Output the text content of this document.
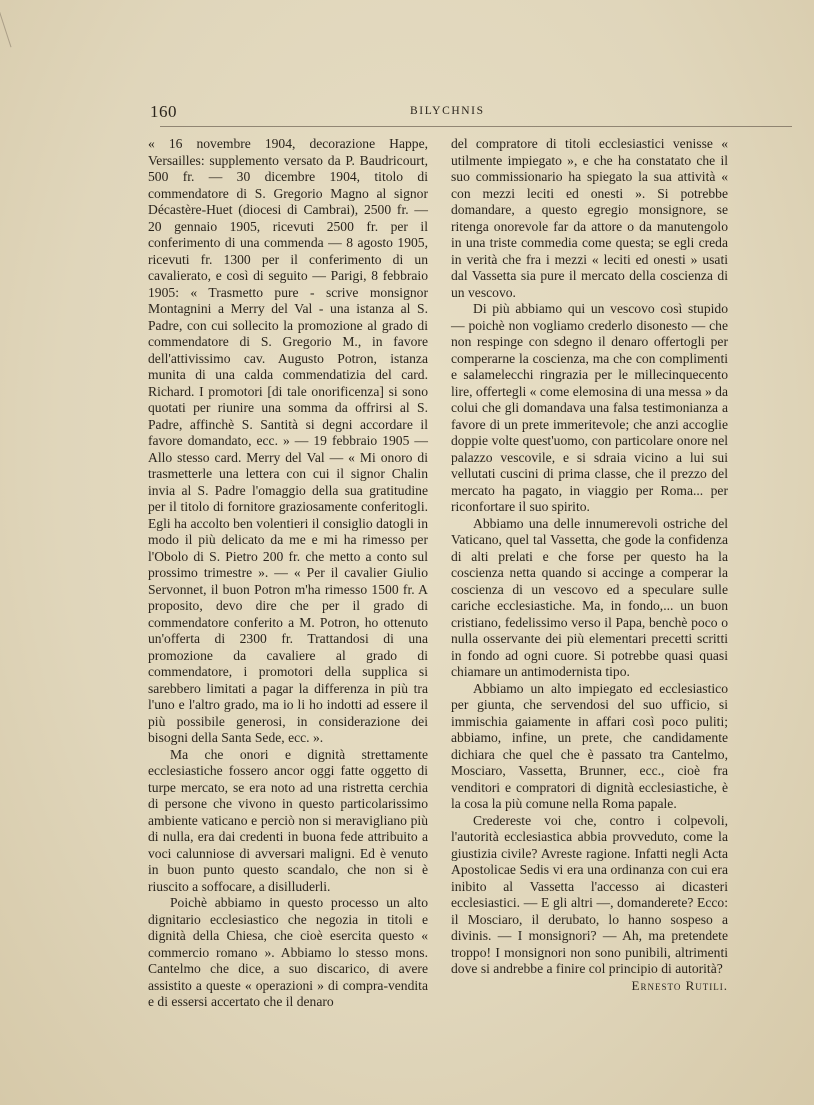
160	BILYCHNIS

« 16 novembre 1904, decorazione Happe, Versailles: supplemento versato da P. Baudricourt, 500 fr. — 30 dicembre 1904, titolo di commendatore di S. Gregorio Magno al signor Décastère-Huet (diocesi di Cambrai), 2500 fr. — 20 gennaio 1905, ricevuti 2500 fr. per il conferimento di una commenda — 8 agosto 1905, ricevuti fr. 1300 per il conferimento di un cavalierato, e così di seguito — Parigi, 8 febbraio 1905: « Trasmetto pure - scrive monsignor Montagnini a Merry del Val - una istanza al S. Padre, con cui sollecito la promozione al grado di commendatore di S. Gregorio M., in favore dell'attivissimo cav. Augusto Potron, istanza munita di una calda commendatizia del card. Richard. I promotori [di tale onorificenza] si sono quotati per riunire una somma da offrirsi al S. Padre, affinchè S. Santità si degni accordare il favore domandato, ecc. » — 19 febbraio 1905 — Allo stesso card. Merry del Val — « Mi onoro di trasmetterle una lettera con cui il signor Chalin invia al S. Padre l'omaggio della sua gratitudine per il titolo di fornitore graziosamente conferitogli. Egli ha accolto ben volentieri il consiglio datogli in modo il più delicato da me e mi ha rimesso per l'Obolo di S. Pietro 200 fr. che metto a conto sul prossimo trimestre ». — « Per il cavalier Giulio Servonnet, il buon Potron m'ha rimesso 1500 fr. A proposito, devo dire che per il grado di commendatore conferito a M. Potron, ho ottenuto un'offerta di 2300 fr. Trattandosi di una promozione da cavaliere al grado di commendatore, i promotori della supplica si sarebbero limitati a pagar la differenza in più tra l'uno e l'altro grado, ma io li ho indotti ad essere il più possibile generosi, in considerazione dei bisogni della Santa Sede, ecc. ».

Ma che onori e dignità strettamente ecclesiastiche fossero ancor oggi fatte oggetto di turpe mercato, se era noto ad una ristretta cerchia di persone che vivono in questo particolarissimo ambiente vaticano e perciò non si meravigliano più di nulla, era dai credenti in buona fede attribuito a voci calunniose di avversari maligni. Ed è venuto in buon punto questo scandalo, che non si è riuscito a soffocare, a disilluderli.

Poichè abbiamo in questo processo un alto dignitario ecclesiastico che negozia in titoli e dignità della Chiesa, che cioè esercita questo « commercio romano ». Abbiamo lo stesso mons. Cantelmo che dice, a suo discarico, di avere assistito a queste « operazioni » di compra-vendita e di essersi accertato che il denaro

del compratore di titoli ecclesiastici venisse « utilmente impiegato », e che ha constatato che il suo commissionario ha spiegato la sua attività « con mezzi leciti ed onesti ». Si potrebbe domandare, a questo egregio monsignore, se ritenga onorevole far da attore o da manutengolo in una triste commedia come questa; se egli creda in verità che fra i mezzi « leciti ed onesti » usati dal Vassetta sia pure il mercato della coscienza di un vescovo.

Di più abbiamo qui un vescovo così stupido — poichè non vogliamo crederlo disonesto — che non respinge con sdegno il denaro offertogli per comperarne la coscienza, ma che con complimenti e salamelecchi ringrazia per le millecinquecento lire, offertegli « come elemosina di una messa » da colui che gli domandava una falsa testimonianza a favore di un prete immeritevole; che anzi accoglie doppie volte quest'uomo, con particolare onore nel palazzo vescovile, e si sdraia vicino a lui sui vellutati cuscini di prima classe, che il prezzo del mercato ha pagato, in viaggio per Roma... per riconfortare il suo spirito.

Abbiamo una delle innumerevoli ostriche del Vaticano, quel tal Vassetta, che gode la confidenza di alti prelati e che forse per questo ha la coscienza netta quando si accinge a comperar la coscienza di un vescovo ed a speculare sulle cariche ecclesiastiche. Ma, in fondo,... un buon cristiano, fedelissimo verso il Papa, benchè poco o nulla osservante dei più elementari precetti scritti in fondo ad ogni cuore. Si potrebbe quasi quasi chiamare un antimodernista tipo.

Abbiamo un alto impiegato ed ecclesiastico per giunta, che servendosi del suo ufficio, si immischia gaiamente in affari così poco puliti; abbiamo, infine, un prete, che candidamente dichiara che quel che è passato tra Cantelmo, Mosciaro, Vassetta, Brunner, ecc., cioè fra venditori e compratori di dignità ecclesiastiche, è la cosa la più comune nella Roma papale.

Credereste voi che, contro i colpevoli, l'autorità ecclesiastica abbia provveduto, come la giustizia civile? Avreste ragione. Infatti negli Acta Apostolicae Sedis vi era una ordinanza con cui era inibito al Vassetta l'accesso ai dicasteri ecclesiastici. — E gli altri —, domanderete? Ecco: il Mosciaro, il derubato, lo hanno sospeso a divinis. — I monsignori? — Ah, ma pretendete troppo! I monsignori non sono punibili, altrimenti dove si andrebbe a finire col principio di autorità?

Ernesto Rutili.
